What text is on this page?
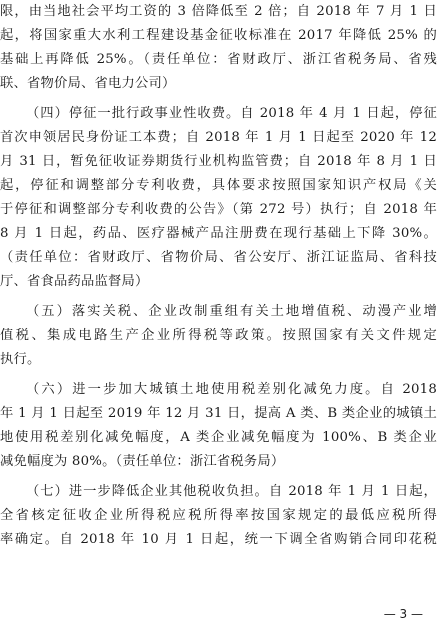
限，由当地社会平均工资的 3 倍降低至 2 倍；自 2018 年 7 月 1 日
起，将国家重大水利工程建设基金征收标准在 2017 年降低 25% 的
基础上再降低 25%。（责任单位：省财政厅、浙江省税务局、省残
联、省物价局、省电力公司）
（四）停征一批行政事业性收费。自 2018 年 4 月 1 日起，停征
首次申领居民身份证工本费；自 2018 年 1 月 1 日起至 2020 年 12
月 31 日，暂免征收证券期货行业机构监管费；自 2018 年 8 月 1 日
起，停征和调整部分专利收费，具体要求按照国家知识产权局《关
于停征和调整部分专利收费的公告》（第 272 号）执行；自 2018 年
8 月 1 日起，药品、医疗器械产品注册费在现行基础上下降 30%。
（责任单位：省财政厅、省物价局、省公安厅、浙江证监局、省科技
厅、省食品药品监督局）
（五）落实关税、企业改制重组有关土地增值税、动漫产业增
值税、集成电路生产企业所得税等政策。按照国家有关文件规定
执行。
（六）进一步加大城镇土地使用税差别化减免力度。自 2018
年 1 月 1 日起至 2019 年 12 月 31 日，提高 A 类、B 类企业的城镇土
地使用税差别化减免幅度，A 类企业减免幅度为 100%、B 类企业
减免幅度为 80%。（责任单位：浙江省税务局）
（七）进一步降低企业其他税收负担。自 2018 年 1 月 1 日起，
全省核定征收企业所得税应税所得率按国家规定的最低应税所得
率确定。自 2018 年 10 月 1 日起，统一下调全省购销合同印花税
— 3 —
